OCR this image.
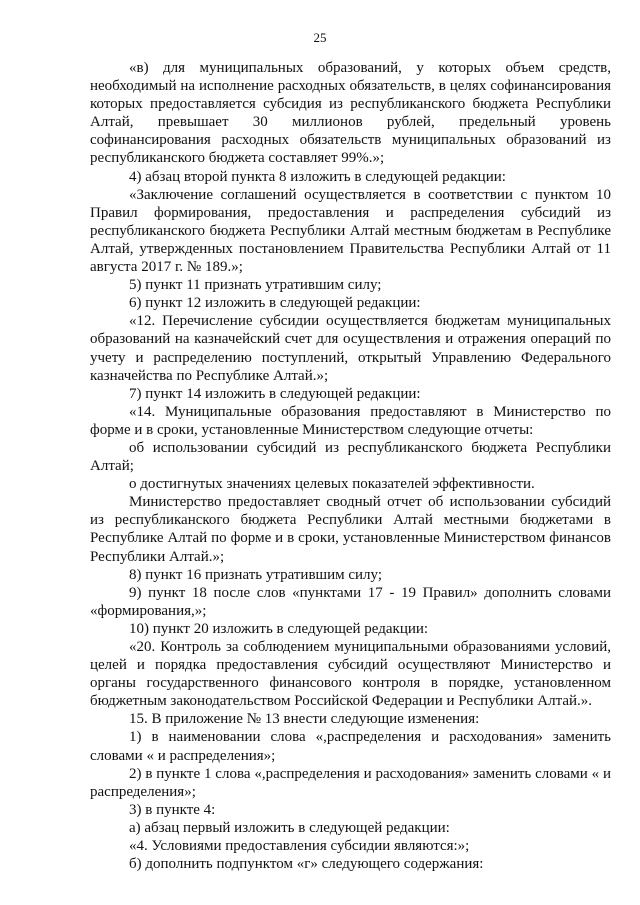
25

«в) для муниципальных образований, у которых объем средств, необходимый на исполнение расходных обязательств, в целях софинансирования которых предоставляется субсидия из республиканского бюджета Республики Алтай, превышает 30 миллионов рублей, предельный уровень софинансирования расходных обязательств муниципальных образований из республиканского бюджета составляет 99%.»;

4) абзац второй пункта 8 изложить в следующей редакции:

«Заключение соглашений осуществляется в соответствии с пунктом 10 Правил формирования, предоставления и распределения субсидий из республиканского бюджета Республики Алтай местным бюджетам в Республике Алтай, утвержденных постановлением Правительства Республики Алтай от 11 августа 2017 г. № 189.»;

5) пункт 11 признать утратившим силу;

6) пункт 12 изложить в следующей редакции:

«12. Перечисление субсидии осуществляется бюджетам муниципальных образований на казначейский счет для осуществления и отражения операций по учету и распределению поступлений, открытый Управлению Федерального казначейства по Республике Алтай.»;

7) пункт 14 изложить в следующей редакции:

«14. Муниципальные образования предоставляют в Министерство по форме и в сроки, установленные Министерством следующие отчеты:

об использовании субсидий из республиканского бюджета Республики Алтай;

о достигнутых значениях целевых показателей эффективности.

Министерство предоставляет сводный отчет об использовании субсидий из республиканского бюджета Республики Алтай местными бюджетами в Республике Алтай по форме и в сроки, установленные Министерством финансов Республики Алтай.»;

8) пункт 16 признать утратившим силу;

9) пункт 18 после слов «пунктами 17 - 19 Правил» дополнить словами «формирования,»;

10) пункт 20 изложить в следующей редакции:

«20. Контроль за соблюдением муниципальными образованиями условий, целей и порядка предоставления субсидий осуществляют Министерство и органы государственного финансового контроля в порядке, установленном бюджетным законодательством Российской Федерации и Республики Алтай.».

15. В приложение № 13 внести следующие изменения:

1) в наименовании слова «,распределения и расходования» заменить словами « и распределения»;

2) в пункте 1 слова «,распределения и расходования» заменить словами « и распределения»;

3) в пункте 4:

а) абзац первый изложить в следующей редакции:

«4. Условиями предоставления субсидии являются:»;

б) дополнить подпунктом «г» следующего содержания:
